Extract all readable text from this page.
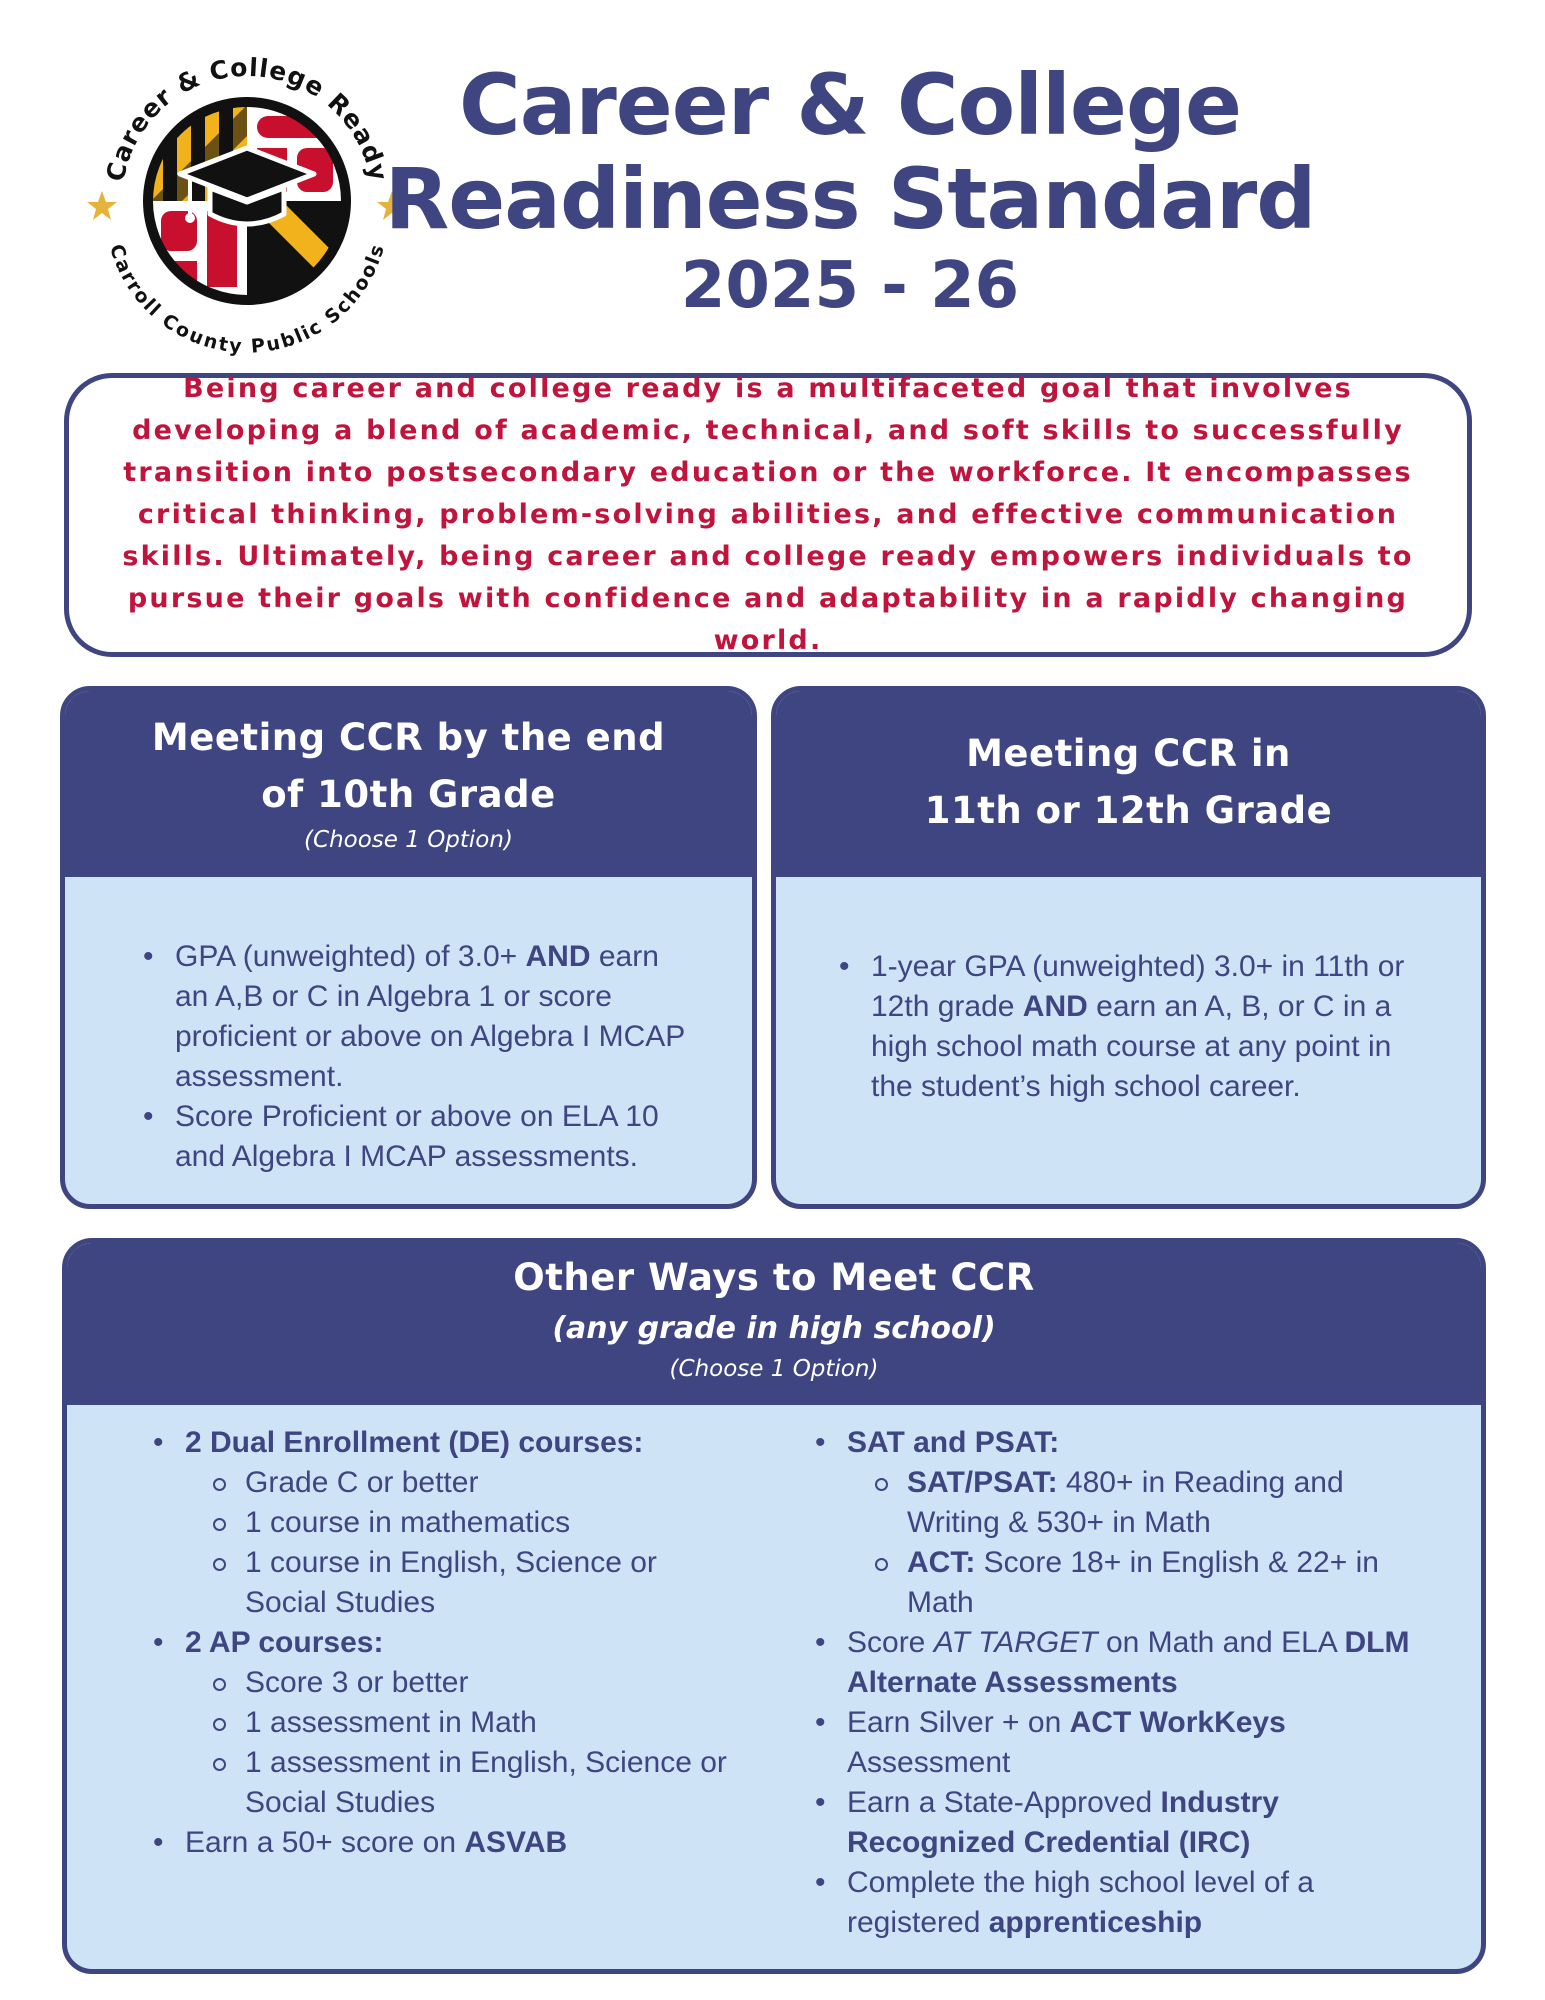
Career & College Ready
Carroll County Public Schools
Career & College
Readiness Standard
2025 - 26

Being career and college ready is a multifaceted goal that involves developing a blend of academic, technical, and soft skills to successfully transition into postsecondary education or the workforce. It encompasses critical thinking, problem-solving abilities, and effective communication skills. Ultimately, being career and college ready empowers individuals to pursue their goals with confidence and adaptability in a rapidly changing world.

Meeting CCR by the end
of 10th Grade
(Choose 1 Option)
• GPA (unweighted) of 3.0+ AND earn an A,B or C in Algebra 1 or score proficient or above on Algebra I MCAP assessment.
• Score Proficient or above on ELA 10 and Algebra I MCAP assessments.
Meeting CCR in
11th or 12th Grade
• 1-year GPA (unweighted) 3.0+ in 11th or 12th grade AND earn an A, B, or C in a high school math course at any point in the student’s high school career.
Other Ways to Meet CCR
(any grade in high school)
(Choose 1 Option)
• 2 Dual Enrollment (DE) courses:
Grade C or better
1 course in mathematics
1 course in English, Science or Social Studies
• 2 AP courses:
Score 3 or better
1 assessment in Math
1 assessment in English, Science or Social Studies
• Earn a 50+ score on ASVAB
• SAT and PSAT:
SAT/PSAT: 480+ in Reading and Writing & 530+ in Math
ACT: Score 18+ in English & 22+ in Math
• Score AT TARGET on Math and ELA DLM Alternate Assessments
• Earn Silver + on ACT WorkKeys Assessment
• Earn a State-Approved Industry Recognized Credential (IRC)
• Complete the high school level of a registered apprenticeship
